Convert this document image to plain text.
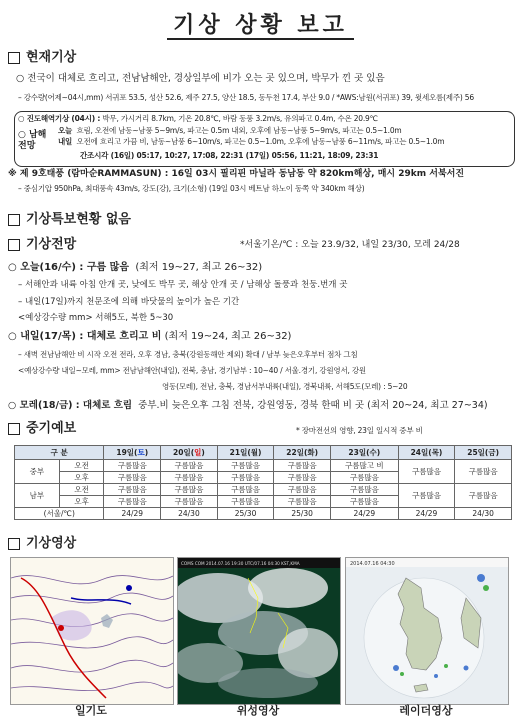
기상 상황 보고
현재기상
○ 전국이 대체로 흐리고, 전남남해안, 경상일부에 비가 오는 곳 있으며, 박무가 낀 곳 있음
– 강수량(어제~04시,mm) 서귀포 53.5, 성산 52.6, 제주 27.5, 양산 18.5, 동두천 17.4, 부산 9.0 / *AWS:남원(서귀포) 39, 윗세오름(제주) 56
○ 진도해역기상 (04시) : 박무, 가시거리 8.7km, 기온 20.8℃, 바람 동풍 3.2m/s, 유의파고 0.4m, 수온 20.9℃
○ 남해
전망
오늘 흐림, 오전에 남동~남풍 5~9m/s, 파고는 0.5m 내외, 오후에 남동~남풍 5~9m/s, 파고는 0.5~1.0m
내일 오전에 흐리고 가끔 비, 남동~남풍 6~10m/s, 파고는 0.5~1.0m, 오후에 남동~남풍 6~11m/s, 파고는 0.5~1.0m
간조시각 (16일) 05:17, 10:27, 17:08, 22:31 (17일) 05:56, 11:21, 18:09, 23:31
※ 제 9호태풍 (람마순RAMMASUN) : 16일 03시 필리핀 마닐라 동남동 약 820km해상, 매시 29km 서북서진
– 중심기압 950hPa, 최대풍속 43m/s, 강도(강), 크기(소형) (19일 03시 베트남 하노이 동쪽 약 340km 해상)
기상특보현황 없음
기상전망	*서울기온/℃ : 오늘 23.9/32, 내일 23/30, 모레 24/28
○ 오늘(16/수) : 구름 많음 (최저 19~27, 최고 26~32)
– 서해안과 내륙 아침 안개 곳, 낮에도 박무 곳, 해상 안개 곳 / 남해상 돌풍과 천둥.번개 곳
– 내일(17일)까지 천문조에 의해 바닷물의 높이가 높은 기간
<예상강수량 mm> 서해5도, 북한 5~30
○ 내일(17/목) : 대체로 흐리고 비 (최저 19~24, 최고 26~32)
– 새벽 전남남해안 비 시작 오전 전라, 오후 경남, 충북(강원동해안 제외) 확대 / 남부 늦은오후부터 점차 그침
<예상강수량 내일~모레, mm> 전남남해안(내일), 전북, 충남, 경기남부 : 10~40 / 서울.경기, 강원영서, 강원
영동(모레), 전남, 충북, 경남서부내륙(내일), 경북내륙, 서해5도(모레) : 5~20
○ 모레(18/금) : 대체로 흐림 중부.비 늦은오후 그침 전북, 강원영동, 경북 한때 비 곳 (최저 20~24, 최고 27~34)
중기예보	* 장마전선의 영향, 23일 일시적 중부 비
구 분		19일(토)	20일(일)	21일(월)	22일(화)	23일(수)	24일(목)	25일(금)
중부	오전	구름많음	구름많음	구름많음	구름많음	구름많고 비	구름많음	구름많음
	오후	구름많음	구름많음	구름많음	구름많음	구름많음		
남부	오전	구름많음	구름많음	구름많음	구름많음	구름많음	구름많음	구름많음
	오후	구름많음	구름많음	구름많음	구름많음	구름많음		
(서울/℃)		24/29	24/30	25/30	25/30	24/29	24/29	24/30
기상영상
일기도
COMS COM 2014.07.16 19:30 UTC/07.16 04:30 KST,KMA
위성영상
2014.07.16 04:30
레이더영상
